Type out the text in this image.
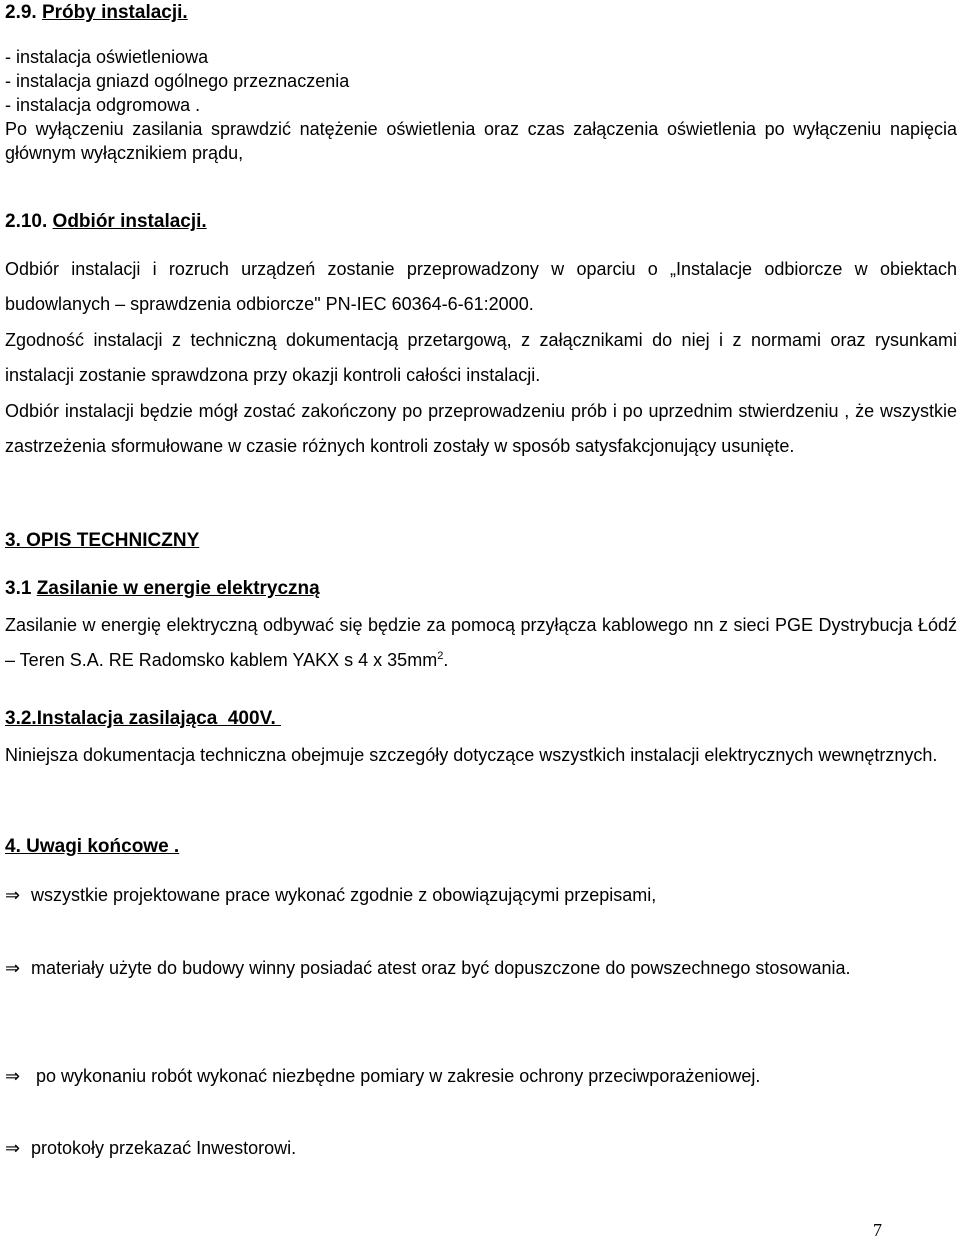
2.9. Próby instalacji.
- instalacja oświetleniowa
- instalacja gniazd ogólnego przeznaczenia
- instalacja odgromowa .

Po wyłączeniu zasilania sprawdzić natężenie oświetlenia oraz czas załączenia oświetlenia po wyłączeniu napięcia głównym wyłącznikiem prądu,

2.10. Odbiór instalacji.

Odbiór instalacji i rozruch urządzeń zostanie przeprowadzony w oparciu o „Instalacje odbiorcze w obiektach budowlanych – sprawdzenia odbiorcze" PN-IEC 60364-6-61:2000.

Zgodność instalacji z techniczną dokumentacją przetargową, z załącznikami do niej i z normami oraz rysunkami instalacji zostanie sprawdzona przy okazji kontroli całości instalacji.

Odbiór instalacji będzie mógł zostać zakończony po przeprowadzeniu prób i po uprzednim stwierdzeniu , że wszystkie zastrzeżenia sformułowane w czasie różnych kontroli zostały w sposób satysfakcjonujący usunięte.

3. OPIS TECHNICZNY
3.1 Zasilanie w energie elektryczną

Zasilanie w energię elektryczną odbywać się będzie za pomocą przyłącza kablowego nn z sieci PGE Dystrybucja Łódź – Teren S.A. RE Radomsko kablem YAKX s 4 x $35mm^2$.

3.2.Instalacja zasilająca  400V.

Niniejsza dokumentacja techniczna obejmuje szczegóły dotyczące wszystkich instalacji elektrycznych wewnętrznych.

4. Uwagi końcowe .
⇒ wszystkie projektowane prace wykonać zgodnie z obowiązującymi przepisami,
⇒ materiały użyte do budowy winny posiadać atest oraz być dopuszczone do powszechnego stosowania.
⇒ po wykonaniu robót wykonać niezbędne pomiary w zakresie ochrony przeciwporażeniowej.
⇒ protokoły przekazać Inwestorowi.
7
